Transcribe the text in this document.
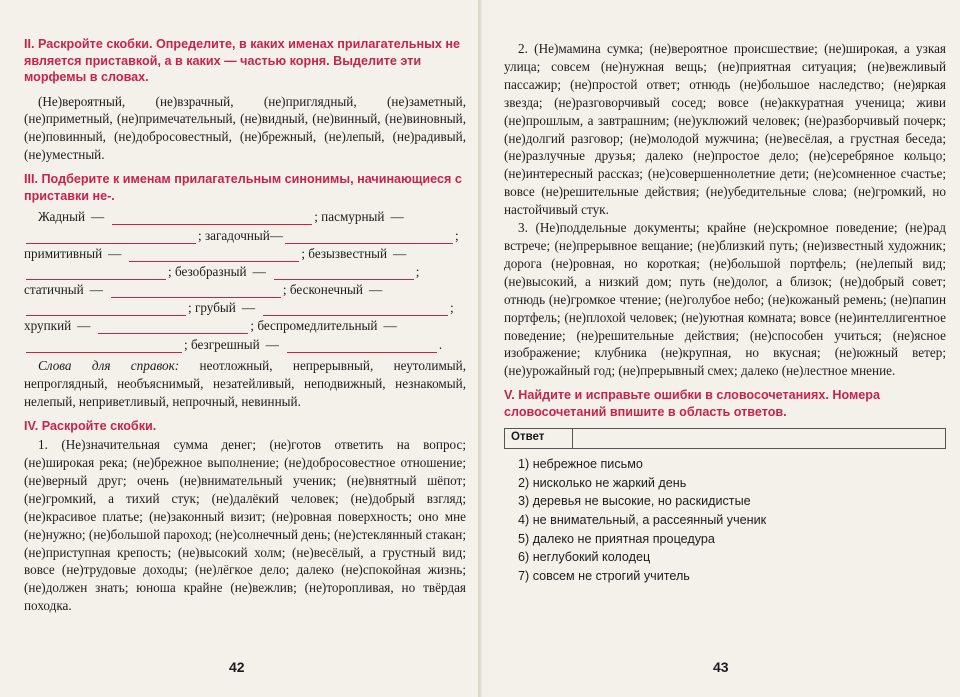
II. Раскройте скобки. Определите, в каких именах прилагательных не является приставкой, а в каких — частью корня. Выделите эти морфемы в словах.

(Не)вероятный, (не)взрачный, (не)приглядный, (не)заметный, (не)приметный, (не)примечательный, (не)видный, (не)винный, (не)виновный, (не)повинный, (не)добросовестный, (не)брежный, (не)лепый, (не)радивый, (не)уместный.

III. Подберите к именам прилагательным синонимы, начинающиеся с приставки не-.

Жадный —	; пасмурный —
; загадочный —	;
примитивный —	; безызвестный —
; безобразный —	;
статичный —	; бесконечный —
; грубый —	;
хрупкий —	; беспромедлительный —
; безгрешный —	.

Слова для справок: неотложный, непрерывный, неутолимый, непроглядный, необъяснимый, незатейливый, неподвижный, незнакомый, нелепый, неприветливый, непрочный, невинный.

IV. Раскройте скобки.

1. (Не)значительная сумма денег; (не)готов ответить на вопрос; (не)широкая река; (не)брежное выполнение; (не)добросовестное отношение; (не)верный друг; очень (не)внимательный ученик; (не)внятный шёпот; (не)громкий, а тихий стук; (не)далёкий человек; (не)добрый взгляд; (не)красивое платье; (не)законный визит; (не)ровная поверхность; оно мне (не)нужно; (не)большой пароход; (не)солнечный день; (не)стеклянный стакан; (не)приступная крепость; (не)высокий холм; (не)весёлый, а грустный вид; вовсе (не)трудовые доходы; (не)лёгкое дело; далеко (не)спокойная жизнь; (не)должен знать; юноша крайне (не)вежлив; (не)торопливая, но твёрдая походка.

42

2. (Не)мамина сумка; (не)вероятное происшествие; (не)широкая, а узкая улица; совсем (не)нужная вещь; (не)приятная ситуация; (не)вежливый пассажир; (не)простой ответ; отнюдь (не)большое наследство; (не)яркая звезда; (не)разговорчивый сосед; вовсе (не)аккуратная ученица; живи (не)прошлым, а завтрашним; (не)уклюжий человек; (не)разборчивый почерк; (не)долгий разговор; (не)молодой мужчина; (не)весёлая, а грустная беседа; (не)разлучные друзья; далеко (не)простое дело; (не)серебряное кольцо; (не)интересный рассказ; (не)совершеннолетние дети; (не)сомненное счастье; вовсе (не)решительные действия; (не)убедительные слова; (не)громкий, но настойчивый стук.

3. (Не)поддельные документы; крайне (не)скромное поведение; (не)рад встрече; (не)прерывное вещание; (не)близкий путь; (не)известный художник; дорога (не)ровная, но короткая; (не)большой портфель; (не)лепый вид; (не)высокий, а низкий дом; путь (не)долог, а близок; (не)добрый совет; отнюдь (не)громкое чтение; (не)голубое небо; (не)кожаный ремень; (не)папин портфель; (не)плохой человек; (не)уютная комната; вовсе (не)интеллигентное поведение; (не)решительные действия; (не)способен учиться; (не)ясное изображение; клубника (не)крупная, но вкусная; (не)южный ветер; (не)урожайный год; (не)прерывный смех; далеко (не)лестное мнение.

V. Найдите и исправьте ошибки в словосочетаниях. Номера словосочетаний впишите в область ответов.

Ответ
1) небрежное письмо
2) нисколько не жаркий день
3) деревья не высокие, но раскидистые
4) не внимательный, а рассеянный ученик
5) далеко не приятная процедура
6) неглубокий колодец
7) совсем не строгий учитель
43
